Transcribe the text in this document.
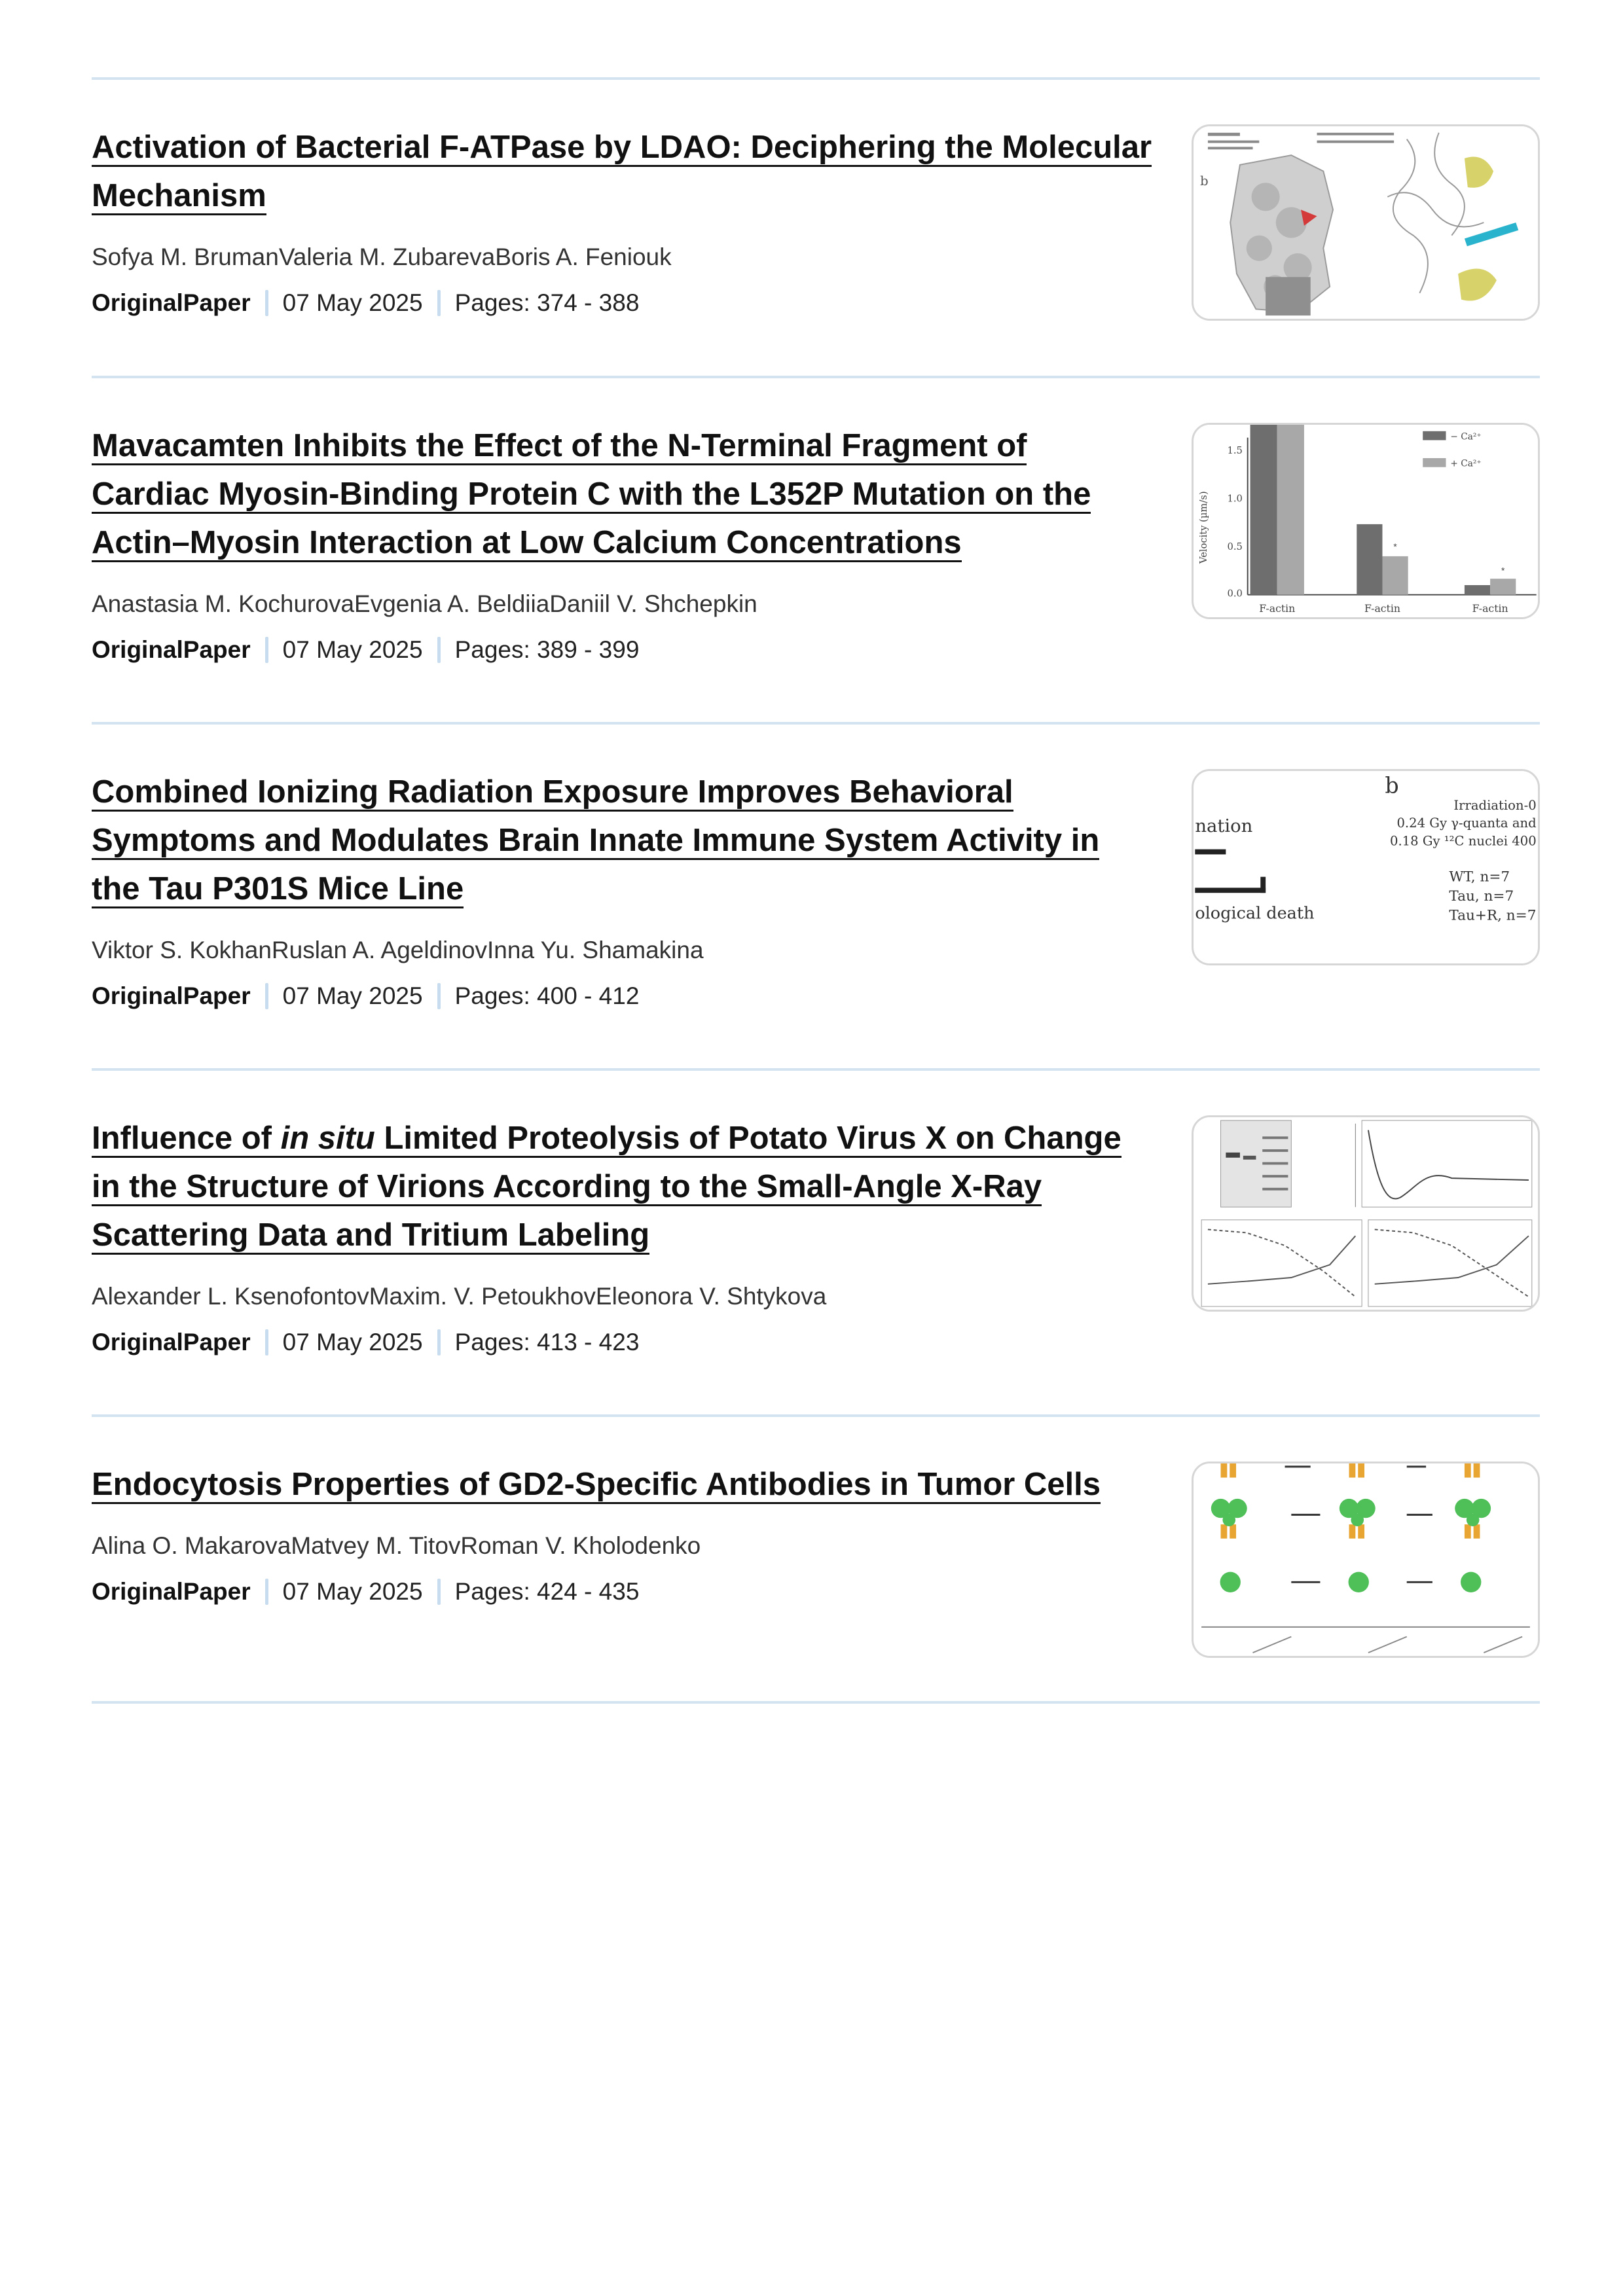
Activation of Bacterial F-ATPase by LDAO: Deciphering the Molecular Mechanism
Sofya M. BrumanValeria M. ZubarevaBoris A. Feniouk
OriginalPaper 07 May 2025 Pages: 374 - 388
b
Mavacamten Inhibits the Effect of the N-Terminal Fragment of Cardiac Myosin-Binding Protein C with the L352P Mutation on the Actin–Myosin Interaction at Low Calcium Concentrations
Anastasia M. KochurovaEvgenia A. BeldiiaDaniil V. Shchepkin
OriginalPaper 07 May 2025 Pages: 389 - 399
Velocity (µm/s)
1.5
1.0
0.5
0.0
*
*
F-actin	F-actin	F-actin
− Ca²⁺
+ Ca²⁺
Combined Ionizing Radiation Exposure Improves Behavioral Symptoms and Modulates Brain Innate Immune System Activity in the Tau P301S Mice Line
Viktor S. KokhanRuslan A. AgeldinovInna Yu. Shamakina
OriginalPaper 07 May 2025 Pages: 400 - 412
nation
ological death
b
Irradiation-0
0.24 Gy γ-quanta and
0.18 Gy ¹²C nuclei 400
WT, n=7
Tau, n=7
Tau+R, n=7
Influence of in situ Limited Proteolysis of Potato Virus X on Change in the Structure of Virions According to the Small-Angle X-Ray Scattering Data and Tritium Labeling
Alexander L. KsenofontovMaxim. V. PetoukhovEleonora V. Shtykova
OriginalPaper 07 May 2025 Pages: 413 - 423
Endocytosis Properties of GD2-Specific Antibodies in Tumor Cells
Alina O. MakarovaMatvey M. TitovRoman V. Kholodenko
OriginalPaper 07 May 2025 Pages: 424 - 435
